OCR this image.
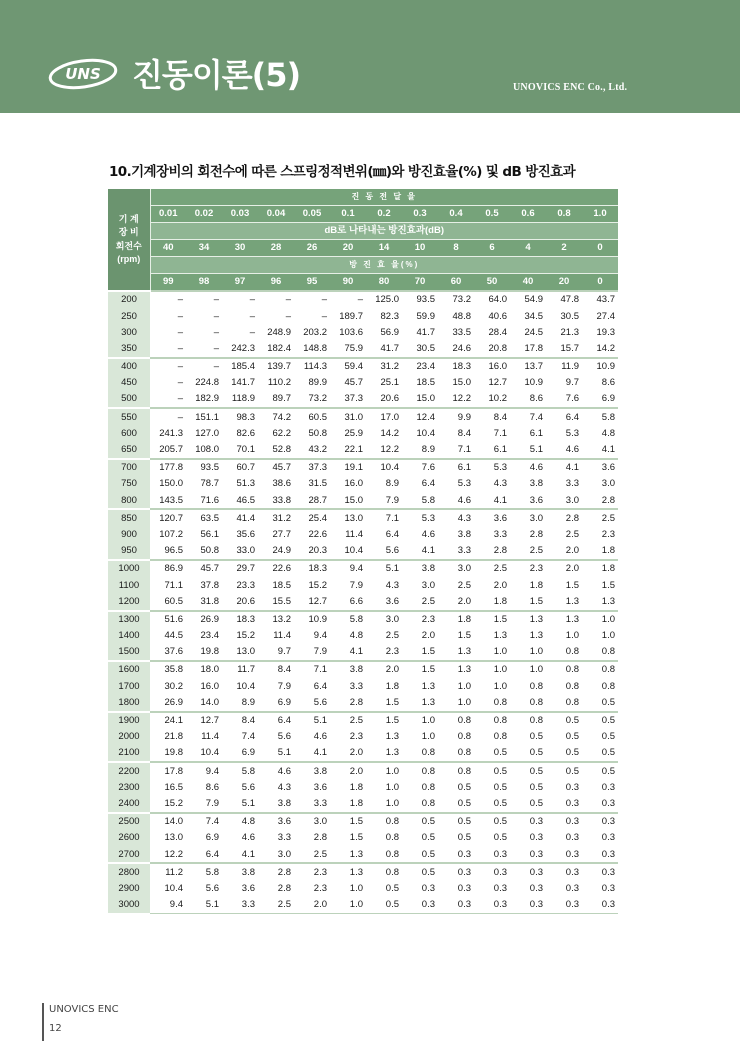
UNS 진동이론(5)	UNOVICS ENC Co., Ltd.
10.기계장비의 회전수에 따른 스프링정적변위(㎜)와 방진효율(%) 및 dB 방진효과
기 계
장 비
회전수
(rpm)	진 동 전 달 율												
	0.01	0.02	0.03	0.04	0.05	0.1	0.2	0.3	0.4	0.5	0.6	0.8	1.0
	dB로 나타내는 방진효과(dB)												
	40	34	30	28	26	20	14	10	8	6	4	2	0
	방 진 효 율(%)												
	99	98	97	96	95	90	80	70	60	50	40	20	0
200	–	–	–	–	–	–	125.0	93.5	73.2	64.0	54.9	47.8	43.7
250	–	–	–	–	–	189.7	82.3	59.9	48.8	40.6	34.5	30.5	27.4
300	–	–	–	248.9	203.2	103.6	56.9	41.7	33.5	28.4	24.5	21.3	19.3
350	–	–	242.3	182.4	148.8	75.9	41.7	30.5	24.6	20.8	17.8	15.7	14.2
400	–	–	185.4	139.7	114.3	59.4	31.2	23.4	18.3	16.0	13.7	11.9	10.9
450	–	224.8	141.7	110.2	89.9	45.7	25.1	18.5	15.0	12.7	10.9	9.7	8.6
500	–	182.9	118.9	89.7	73.2	37.3	20.6	15.0	12.2	10.2	8.6	7.6	6.9
550	–	151.1	98.3	74.2	60.5	31.0	17.0	12.4	9.9	8.4	7.4	6.4	5.8
600	241.3	127.0	82.6	62.2	50.8	25.9	14.2	10.4	8.4	7.1	6.1	5.3	4.8
650	205.7	108.0	70.1	52.8	43.2	22.1	12.2	8.9	7.1	6.1	5.1	4.6	4.1
700	177.8	93.5	60.7	45.7	37.3	19.1	10.4	7.6	6.1	5.3	4.6	4.1	3.6
750	150.0	78.7	51.3	38.6	31.5	16.0	8.9	6.4	5.3	4.3	3.8	3.3	3.0
800	143.5	71.6	46.5	33.8	28.7	15.0	7.9	5.8	4.6	4.1	3.6	3.0	2.8
850	120.7	63.5	41.4	31.2	25.4	13.0	7.1	5.3	4.3	3.6	3.0	2.8	2.5
900	107.2	56.1	35.6	27.7	22.6	11.4	6.4	4.6	3.8	3.3	2.8	2.5	2.3
950	96.5	50.8	33.0	24.9	20.3	10.4	5.6	4.1	3.3	2.8	2.5	2.0	1.8
1000	86.9	45.7	29.7	22.6	18.3	9.4	5.1	3.8	3.0	2.5	2.3	2.0	1.8
1100	71.1	37.8	23.3	18.5	15.2	7.9	4.3	3.0	2.5	2.0	1.8	1.5	1.5
1200	60.5	31.8	20.6	15.5	12.7	6.6	3.6	2.5	2.0	1.8	1.5	1.3	1.3
1300	51.6	26.9	18.3	13.2	10.9	5.8	3.0	2.3	1.8	1.5	1.3	1.3	1.0
1400	44.5	23.4	15.2	11.4	9.4	4.8	2.5	2.0	1.5	1.3	1.3	1.0	1.0
1500	37.6	19.8	13.0	9.7	7.9	4.1	2.3	1.5	1.3	1.0	1.0	0.8	0.8
1600	35.8	18.0	11.7	8.4	7.1	3.8	2.0	1.5	1.3	1.0	1.0	0.8	0.8
1700	30.2	16.0	10.4	7.9	6.4	3.3	1.8	1.3	1.0	1.0	0.8	0.8	0.8
1800	26.9	14.0	8.9	6.9	5.6	2.8	1.5	1.3	1.0	0.8	0.8	0.8	0.5
1900	24.1	12.7	8.4	6.4	5.1	2.5	1.5	1.0	0.8	0.8	0.8	0.5	0.5
2000	21.8	11.4	7.4	5.6	4.6	2.3	1.3	1.0	0.8	0.8	0.5	0.5	0.5
2100	19.8	10.4	6.9	5.1	4.1	2.0	1.3	0.8	0.8	0.5	0.5	0.5	0.5
2200	17.8	9.4	5.8	4.6	3.8	2.0	1.0	0.8	0.8	0.5	0.5	0.5	0.5
2300	16.5	8.6	5.6	4.3	3.6	1.8	1.0	0.8	0.5	0.5	0.5	0.3	0.3
2400	15.2	7.9	5.1	3.8	3.3	1.8	1.0	0.8	0.5	0.5	0.5	0.3	0.3
2500	14.0	7.4	4.8	3.6	3.0	1.5	0.8	0.5	0.5	0.5	0.3	0.3	0.3
2600	13.0	6.9	4.6	3.3	2.8	1.5	0.8	0.5	0.5	0.5	0.3	0.3	0.3
2700	12.2	6.4	4.1	3.0	2.5	1.3	0.8	0.5	0.3	0.3	0.3	0.3	0.3
2800	11.2	5.8	3.8	2.8	2.3	1.3	0.8	0.5	0.3	0.3	0.3	0.3	0.3
2900	10.4	5.6	3.6	2.8	2.3	1.0	0.5	0.3	0.3	0.3	0.3	0.3	0.3
3000	9.4	5.1	3.3	2.5	2.0	1.0	0.5	0.3	0.3	0.3	0.3	0.3	0.3
UNOVICS ENC
12
